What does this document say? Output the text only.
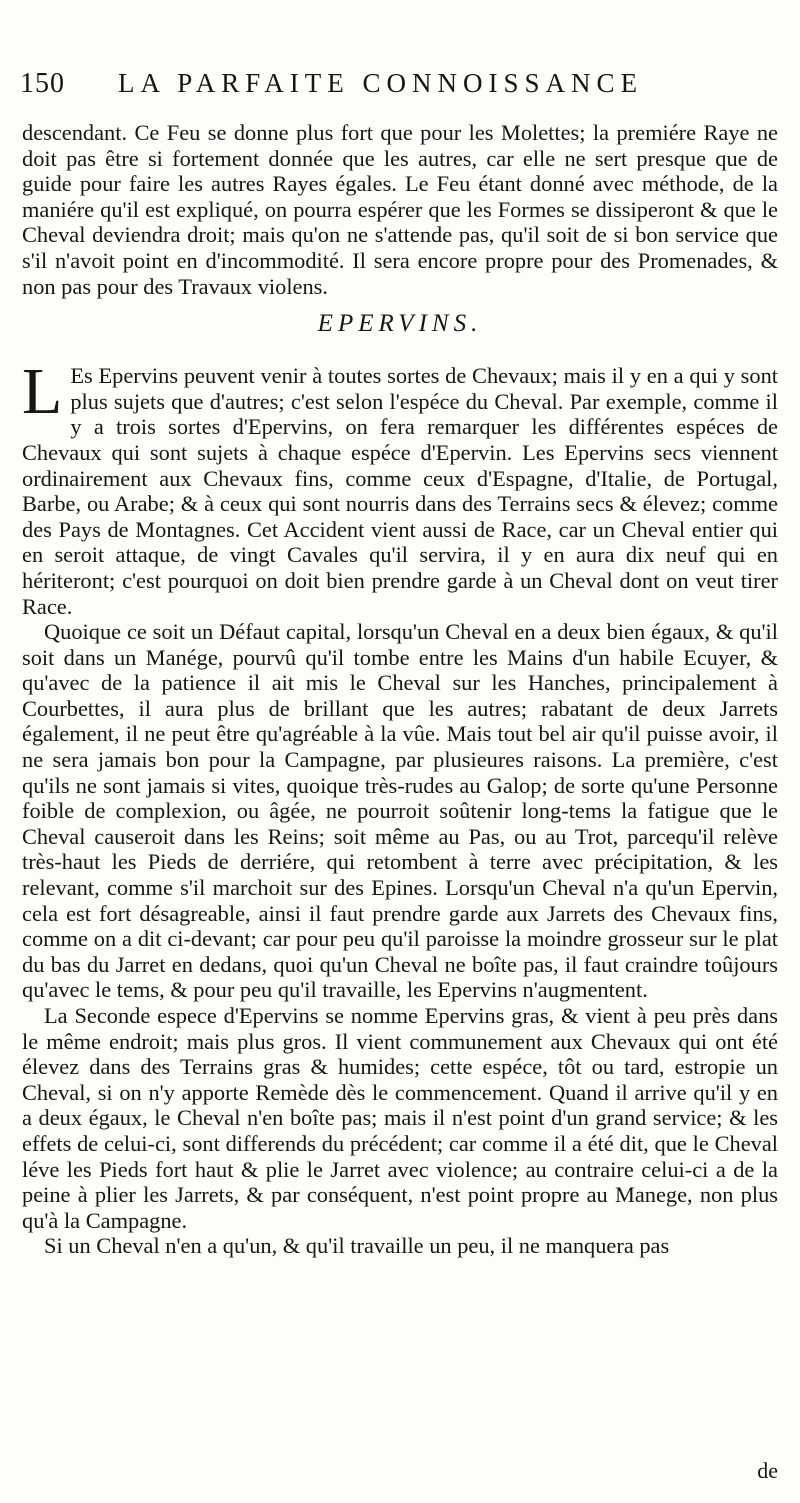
150 LA PARFAITE CONNOISSANCE

descendant. Ce Feu se donne plus fort que pour les Molettes; la premiére Raye ne doit pas être si fortement donnée que les autres, car elle ne sert presque que de guide pour faire les autres Rayes égales. Le Feu étant donné avec méthode, de la maniére qu'il est expliqué, on pourra espérer que les Formes se dissiperont & que le Cheval deviendra droit; mais qu'on ne s'attende pas, qu'il soit de si bon service que s'il n'avoit point en d'incommodité. Il sera encore propre pour des Promenades, & non pas pour des Travaux violens.

EPERVINS.

L Es Epervins peuvent venir à toutes sortes de Chevaux; mais il y en a qui y sont plus sujets que d'autres; c'est selon l'espéce du Cheval. Par exemple, comme il y a trois sortes d'Epervins, on fera remarquer les différentes espéces de Chevaux qui sont sujets à chaque espéce d'Epervin. Les Epervins secs viennent ordinairement aux Chevaux fins, comme ceux d'Espagne, d'Italie, de Portugal, Barbe, ou Arabe; & à ceux qui sont nourris dans des Terrains secs & élevez; comme des Pays de Montagnes. Cet Accident vient aussi de Race, car un Cheval entier qui en seroit attaque, de vingt Cavales qu'il servira, il y en aura dix neuf qui en hériteront; c'est pourquoi on doit bien prendre garde à un Cheval dont on veut tirer Race.

Quoique ce soit un Défaut capital, lorsqu'un Cheval en a deux bien égaux, & qu'il soit dans un Manége, pourvû qu'il tombe entre les Mains d'un habile Ecuyer, & qu'avec de la patience il ait mis le Cheval sur les Hanches, principalement à Courbettes, il aura plus de brillant que les autres; rabatant de deux Jarrets également, il ne peut être qu'agréable à la vûe. Mais tout bel air qu'il puisse avoir, il ne sera jamais bon pour la Campagne, par plusieures raisons. La première, c'est qu'ils ne sont jamais si vites, quoique très-rudes au Galop; de sorte qu'une Personne foible de complexion, ou âgée, ne pourroit soûtenir long-tems la fatigue que le Cheval causeroit dans les Reins; soit même au Pas, ou au Trot, parcequ'il relève très-haut les Pieds de derriére, qui retombent à terre avec précipitation, & les relevant, comme s'il marchoit sur des Epines. Lorsqu'un Cheval n'a qu'un Epervin, cela est fort désagreable, ainsi il faut prendre garde aux Jarrets des Chevaux fins, comme on a dit ci-devant; car pour peu qu'il paroisse la moindre grosseur sur le plat du bas du Jarret en dedans, quoi qu'un Cheval ne boîte pas, il faut craindre toûjours qu'avec le tems, & pour peu qu'il travaille, les Epervins n'augmentent.

La Seconde espece d'Epervins se nomme Epervins gras, & vient à peu près dans le même endroit; mais plus gros. Il vient communement aux Chevaux qui ont été élevez dans des Terrains gras & humides; cette espéce, tôt ou tard, estropie un Cheval, si on n'y apporte Remède dès le commencement. Quand il arrive qu'il y en a deux égaux, le Cheval n'en boîte pas; mais il n'est point d'un grand service; & les effets de celui-ci, sont differends du précédent; car comme il a été dit, que le Cheval léve les Pieds fort haut & plie le Jarret avec violence; au contraire celui-ci a de la peine à plier les Jarrets, & par conséquent, n'est point propre au Manege, non plus qu'à la Campagne.

Si un Cheval n'en a qu'un, & qu'il travaille un peu, il ne manquera pas

de
